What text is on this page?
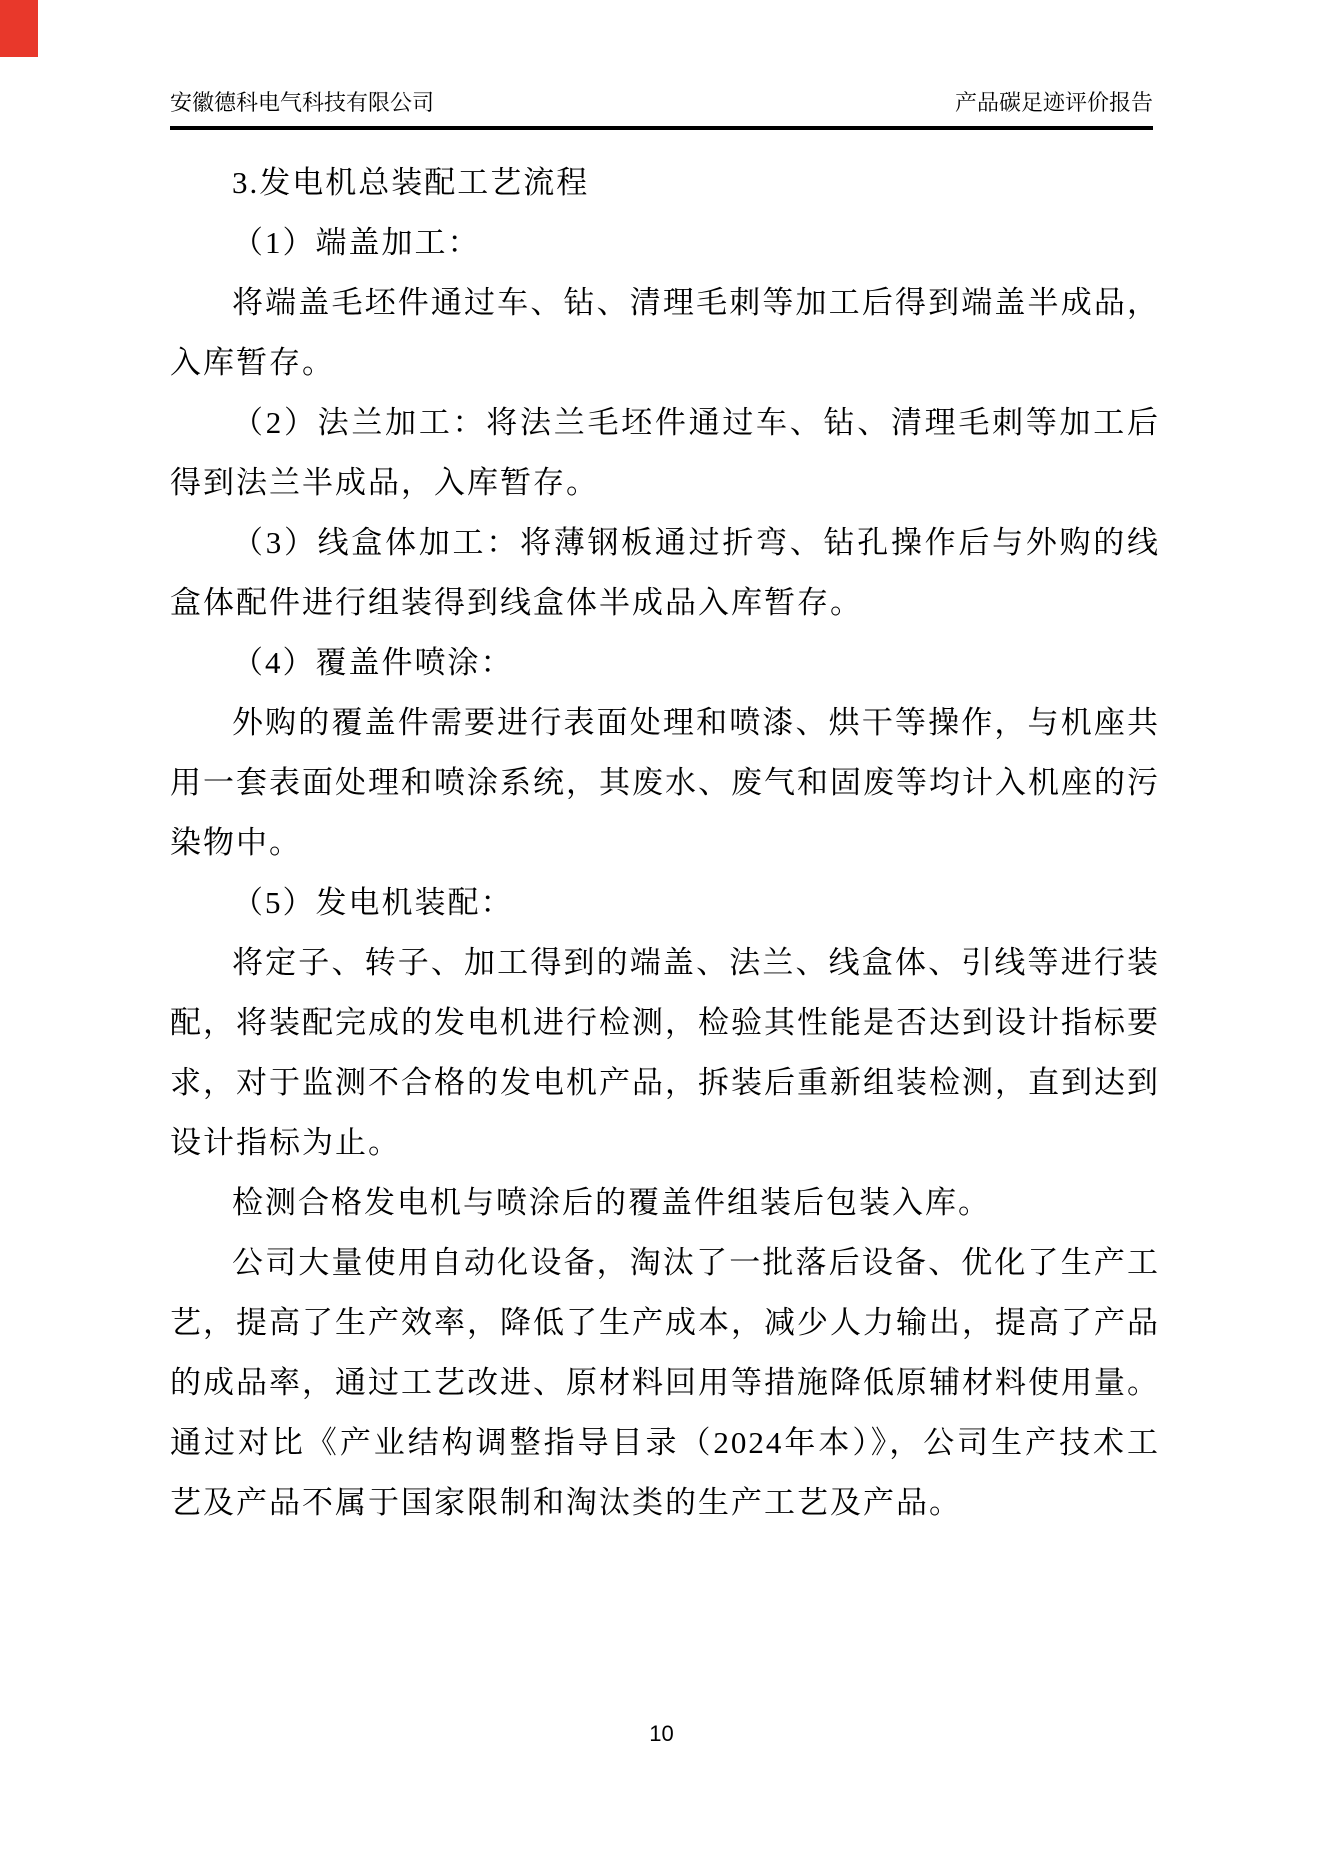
安徽德科电气科技有限公司	产品碳足迹评价报告

3.发电机总装配工艺流程

（1）端盖加工：

将端盖毛坯件通过车、钻、清理毛刺等加工后得到端盖半成品，入库暂存。

（2）法兰加工：将法兰毛坯件通过车、钻、清理毛刺等加工后得到法兰半成品，入库暂存。

（3）线盒体加工：将薄钢板通过折弯、钻孔操作后与外购的线盒体配件进行组装得到线盒体半成品入库暂存。

（4）覆盖件喷涂：

外购的覆盖件需要进行表面处理和喷漆、烘干等操作，与机座共用一套表面处理和喷涂系统，其废水、废气和固废等均计入机座的污染物中。

（5）发电机装配：

将定子、转子、加工得到的端盖、法兰、线盒体、引线等进行装配，将装配完成的发电机进行检测，检验其性能是否达到设计指标要求，对于监测不合格的发电机产品，拆装后重新组装检测，直到达到设计指标为止。

检测合格发电机与喷涂后的覆盖件组装后包装入库。

公司大量使用自动化设备，淘汰了一批落后设备、优化了生产工艺，提高了生产效率，降低了生产成本，减少人力输出，提高了产品的成品率，通过工艺改进、原材料回用等措施降低原辅材料使用量。通过对比《产业结构调整指导目录（2024年本）》，公司生产技术工艺及产品不属于国家限制和淘汰类的生产工艺及产品。

10
